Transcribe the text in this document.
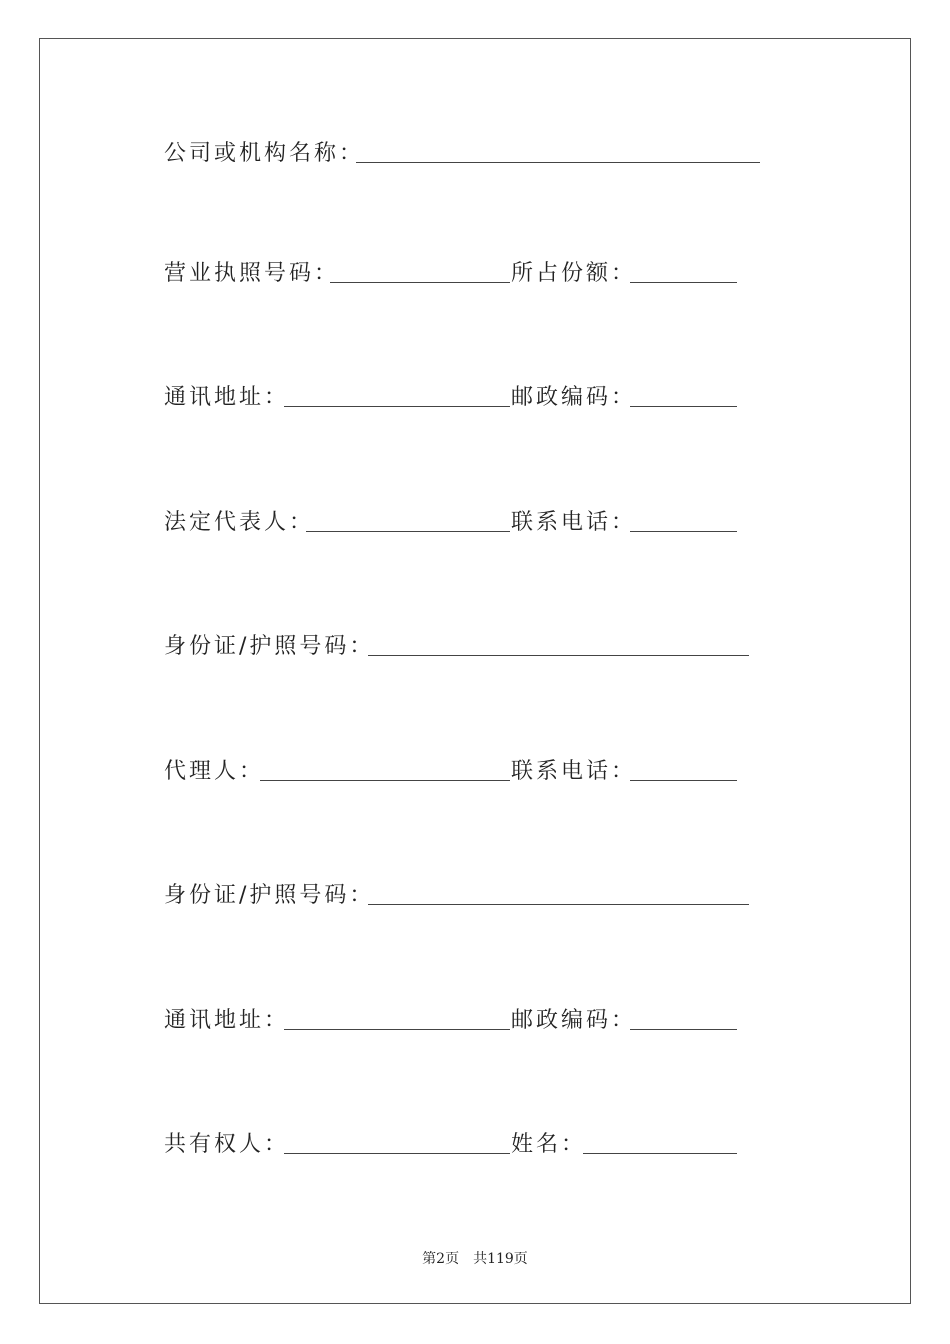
公司或机构名称：
营业执照号码：	所占份额：
通讯地址：	邮政编码：
法定代表人：	联系电话：
身份证/护照号码：
代理人：	联系电话：
身份证/护照号码：
通讯地址：	邮政编码：
共有权人：	姓名：
第2页　共119页
